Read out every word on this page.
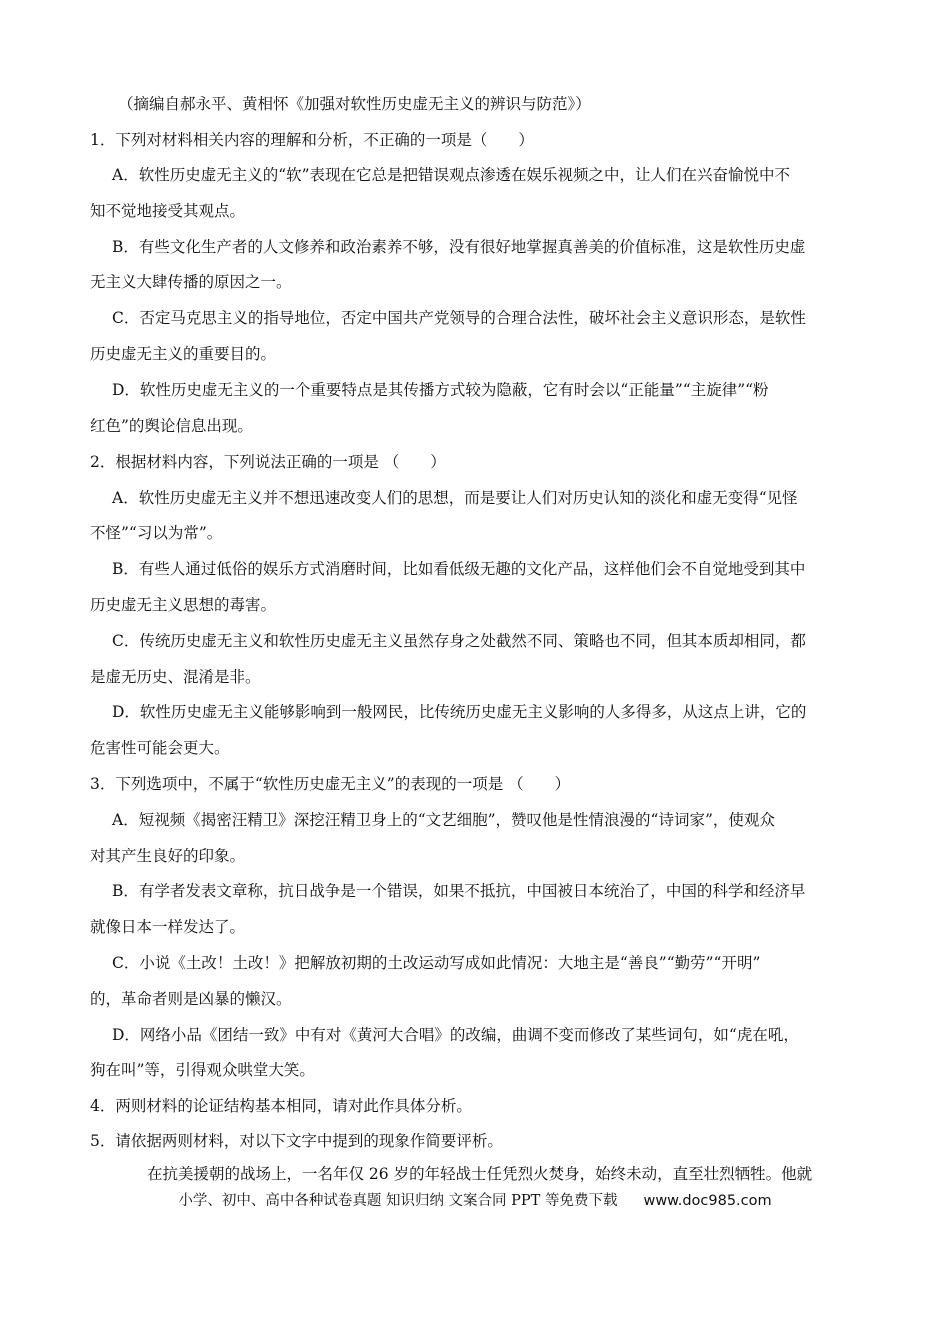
（摘编自郝永平、黄相怀《加强对软性历史虚无主义的辨识与防范》）
1．下列对材料相关内容的理解和分析，不正确的一项是（　　）
A．软性历史虚无主义的“软”表现在它总是把错误观点渗透在娱乐视频之中，让人们在兴奋愉悦中不
知不觉地接受其观点。
B．有些文化生产者的人文修养和政治素养不够，没有很好地掌握真善美的价值标准，这是软性历史虚
无主义大肆传播的原因之一。
C．否定马克思主义的指导地位，否定中国共产党领导的合理合法性，破坏社会主义意识形态，是软性
历史虚无主义的重要目的。
D．软性历史虚无主义的一个重要特点是其传播方式较为隐蔽，它有时会以“正能量”“主旋律”“粉
红色”的舆论信息出现。
2．根据材料内容，下列说法正确的一项是 （　　）
A．软性历史虚无主义并不想迅速改变人们的思想，而是要让人们对历史认知的淡化和虚无变得“见怪
不怪”“习以为常”。
B．有些人通过低俗的娱乐方式消磨时间，比如看低级无趣的文化产品，这样他们会不自觉地受到其中
历史虚无主义思想的毒害。
C．传统历史虚无主义和软性历史虚无主义虽然存身之处截然不同、策略也不同，但其本质却相同，都
是虚无历史、混淆是非。
D．软性历史虚无主义能够影响到一般网民，比传统历史虚无主义影响的人多得多，从这点上讲，它的
危害性可能会更大。
3．下列选项中，不属于“软性历史虚无主义”的表现的一项是 （　　）
A．短视频《揭密汪精卫》深挖汪精卫身上的“文艺细胞”，赞叹他是性情浪漫的“诗词家”，使观众
对其产生良好的印象。
B．有学者发表文章称，抗日战争是一个错误，如果不抵抗，中国被日本统治了，中国的科学和经济早
就像日本一样发达了。
C．小说《土改！土改！》把解放初期的土改运动写成如此情况：大地主是“善良”“勤劳”“开明”
的，革命者则是凶暴的懒汉。
D．网络小品《团结一致》中有对《黄河大合唱》的改编，曲调不变而修改了某些词句，如“虎在吼，
狗在叫”等，引得观众哄堂大笑。
4．两则材料的论证结构基本相同，请对此作具体分析。
5．请依据两则材料，对以下文字中提到的现象作简要评析。
在抗美援朝的战场上，一名年仅 26 岁的年轻战士任凭烈火焚身，始终未动，直至壮烈牺牲。他就
小学、初中、高中各种试卷真题 知识归纳 文案合同 PPT 等免费下载 www.doc985.com
